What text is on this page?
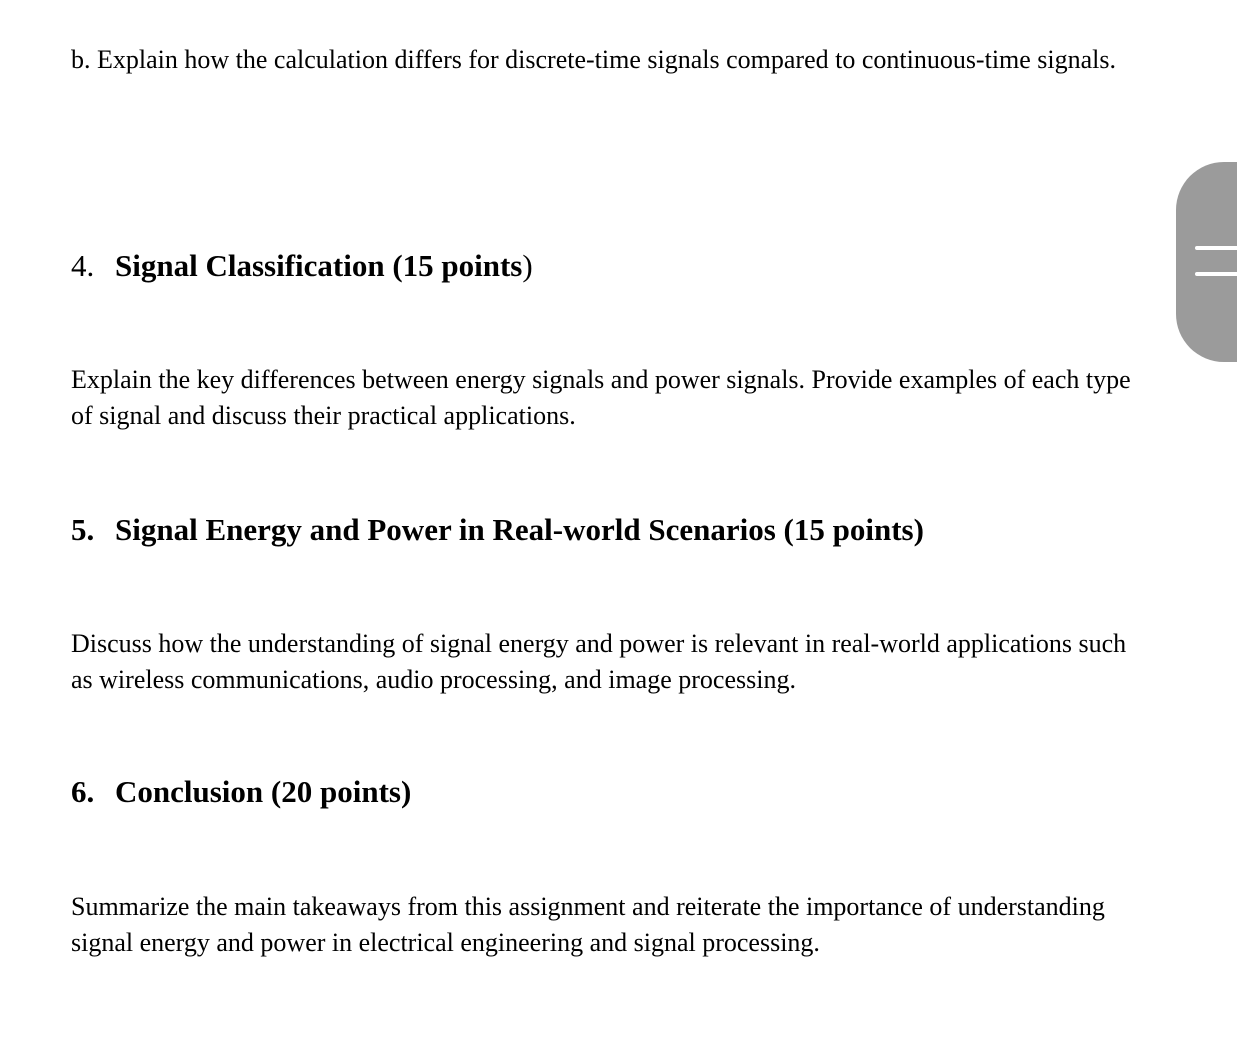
b. Explain how the calculation differs for discrete-time signals compared to continuous-time signals.

4. Signal Classification (15 points)

Explain the key differences between energy signals and power signals. Provide examples of each type of signal and discuss their practical applications.

5. Signal Energy and Power in Real-world Scenarios (15 points)

Discuss how the understanding of signal energy and power is relevant in real-world applications such as wireless communications, audio processing, and image processing.

6. Conclusion (20 points)

Summarize the main takeaways from this assignment and reiterate the importance of understanding signal energy and power in electrical engineering and signal processing.
